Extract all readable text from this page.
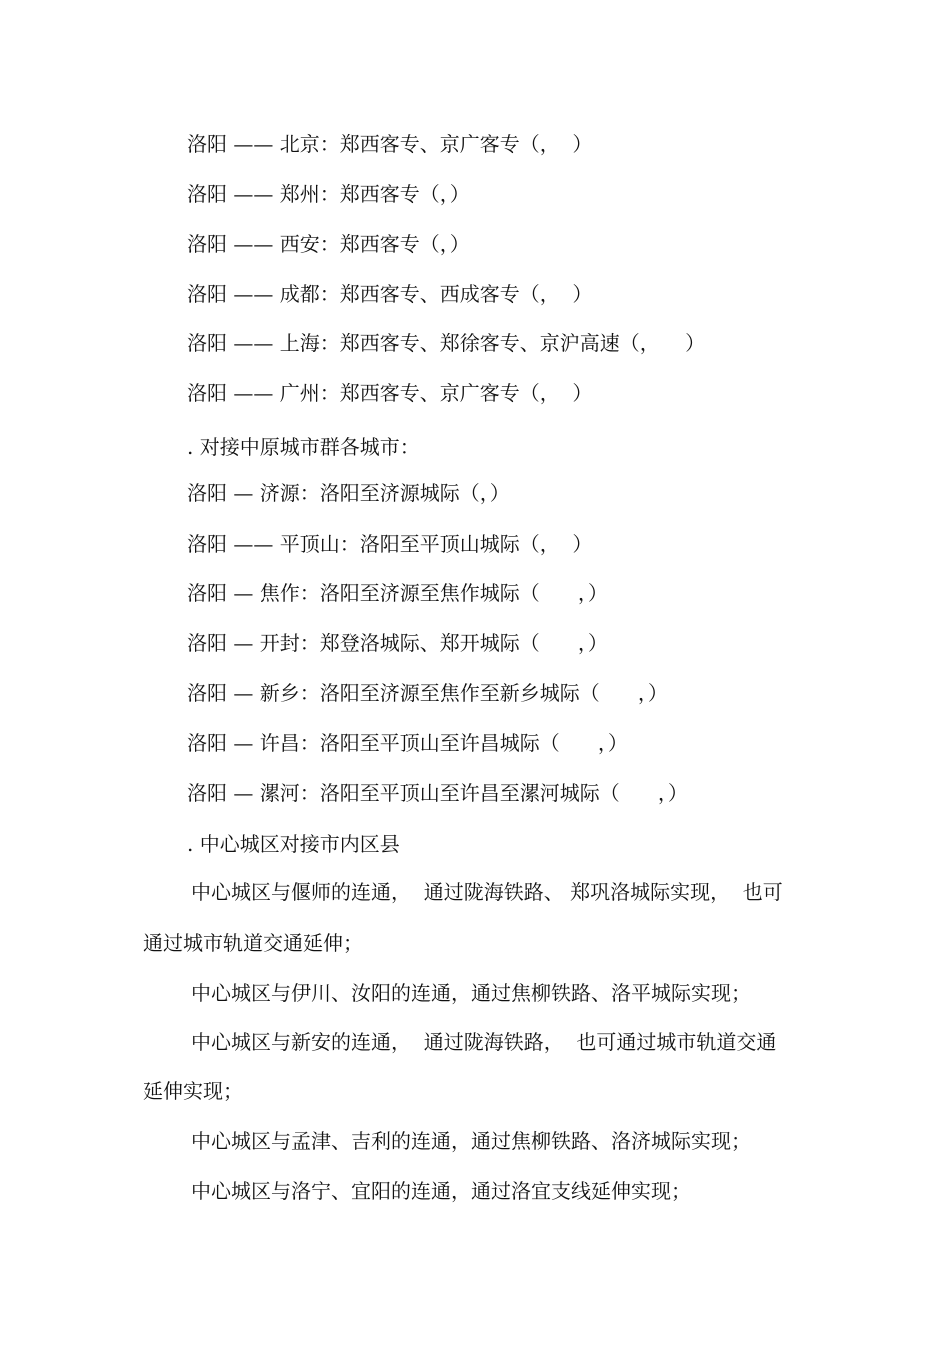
洛阳 —— 北京：郑西客专、京广客专（，  ）
洛阳 —— 郑州：郑西客专（，）
洛阳 —— 西安：郑西客专（，）
洛阳 —— 成都：郑西客专、西成客专（，  ）
洛阳 —— 上海：郑西客专、郑徐客专、京沪高速（，    ）
洛阳 —— 广州：郑西客专、京广客专（，  ）
. 对接中原城市群各城市：
洛阳 — 济源：洛阳至济源城际（，）
洛阳 —— 平顶山：洛阳至平顶山城际（，  ）
洛阳 — 焦作：洛阳至济源至焦作城际（      ，）
洛阳 — 开封：郑登洛城际、郑开城际（      ，）
洛阳 — 新乡：洛阳至济源至焦作至新乡城际（      ，）
洛阳 — 许昌：洛阳至平顶山至许昌城际（      ，）
洛阳 — 漯河：洛阳至平顶山至许昌至漯河城际（      ，）
. 中心城区对接市内区县
中心城区与偃师的连通，  通过陇海铁路、 郑巩洛城际实现，  也可
通过城市轨道交通延伸；
中心城区与伊川、汝阳的连通，通过焦柳铁路、洛平城际实现；
中心城区与新安的连通，  通过陇海铁路，  也可通过城市轨道交通
延伸实现；
中心城区与孟津、吉利的连通，通过焦柳铁路、洛济城际实现；
中心城区与洛宁、宜阳的连通，通过洛宜支线延伸实现；
